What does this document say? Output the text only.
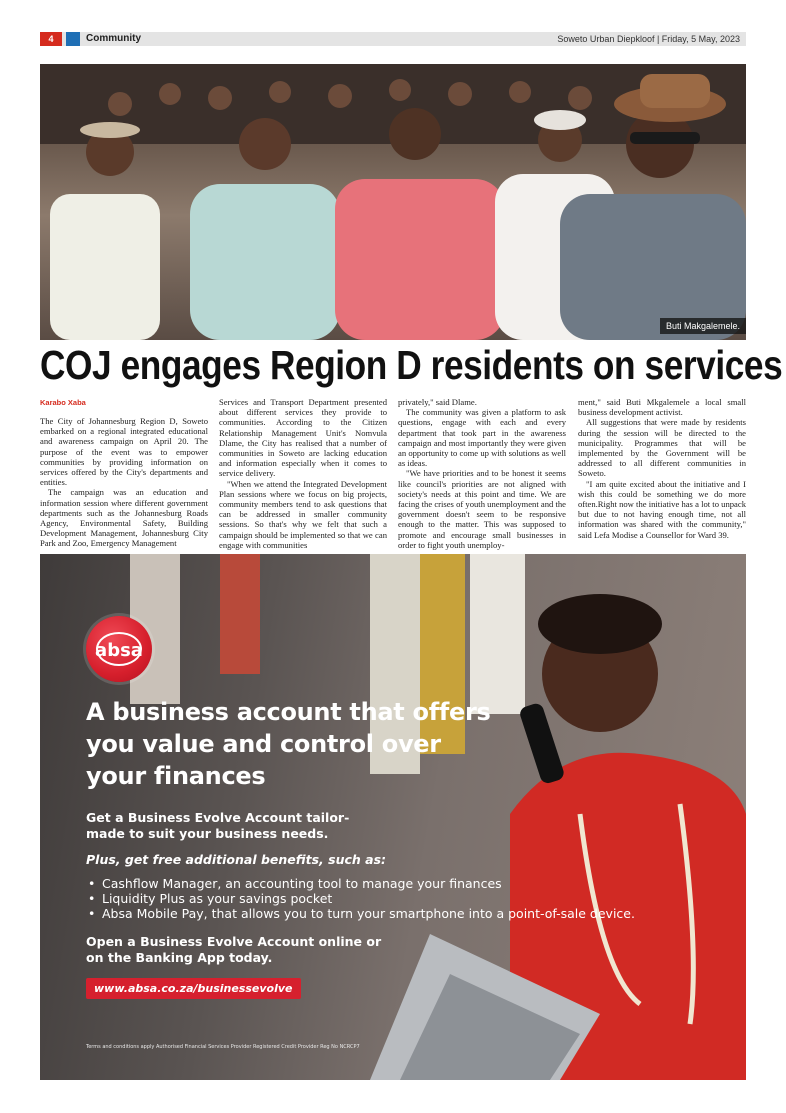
4	Community	Soweto Urban Diepkloof | Friday, 5 May, 2023
Buti Makgalemele.
COJ engages Region D residents on services
Karabo Xaba

The City of Johannesburg Region D, Soweto embarked on a regional integrated educational and awareness campaign on April 20. The purpose of the event was to empower communities by providing information on services offered by the City's departments and entities.

The campaign was an education and information session where different government departments such as the Johannesburg Roads Agency, Environmental Safety, Building Development Management, Johannesburg City Park and Zoo, Emergency Management

Services and Transport Department presented about different services they provide to communities. According to the Citizen Relationship Management Unit's Nomvula Dlame, the City has realised that a number of communities in Soweto are lacking education and information especially when it comes to service delivery.

"When we attend the Integrated Development Plan sessions where we focus on big projects, community members tend to ask questions that can be addressed in smaller community sessions. So that's why we felt that such a campaign should be implemented so that we can engage with communities

privately," said Dlame.

The community was given a platform to ask questions, engage with each and every department that took part in the awareness campaign and most importantly they were given an opportunity to come up with solutions as well as ideas.

"We have priorities and to be honest it seems like council's priorities are not aligned with society's needs at this point and time. We are facing the crises of youth unemployment and the government doesn't seem to be responsive enough to the matter. This was supposed to promote and encourage small businesses in order to fight youth unemploy-

ment," said Buti Mkgalemele a local small business development activist.

All suggestions that were made by residents during the session will be directed to the municipality. Programmes that will be implemented by the Government will be addressed to all different communities in Soweto.

"I am quite excited about the initiative and I wish this could be something we do more often.Right now the initiative has a lot to unpack but due to not having enough time, not all information was shared with the community," said Lefa Modise a Counsellor for Ward 39.

absa
A business account that offers you value and control over your finances
Get a Business Evolve Account tailor-made to suit your business needs.
Plus, get free additional benefits, such as:
• Cashflow Manager, an accounting tool to manage your finances
• Liquidity Plus as your savings pocket
• Absa Mobile Pay, that allows you to turn your smartphone into a point-of-sale device.
Open a Business Evolve Account online or on the Banking App today.
www.absa.co.za/businessevolve
Terms and conditions apply Authorised Financial Services Provider Registered Credit Provider Reg No NCRCP7
